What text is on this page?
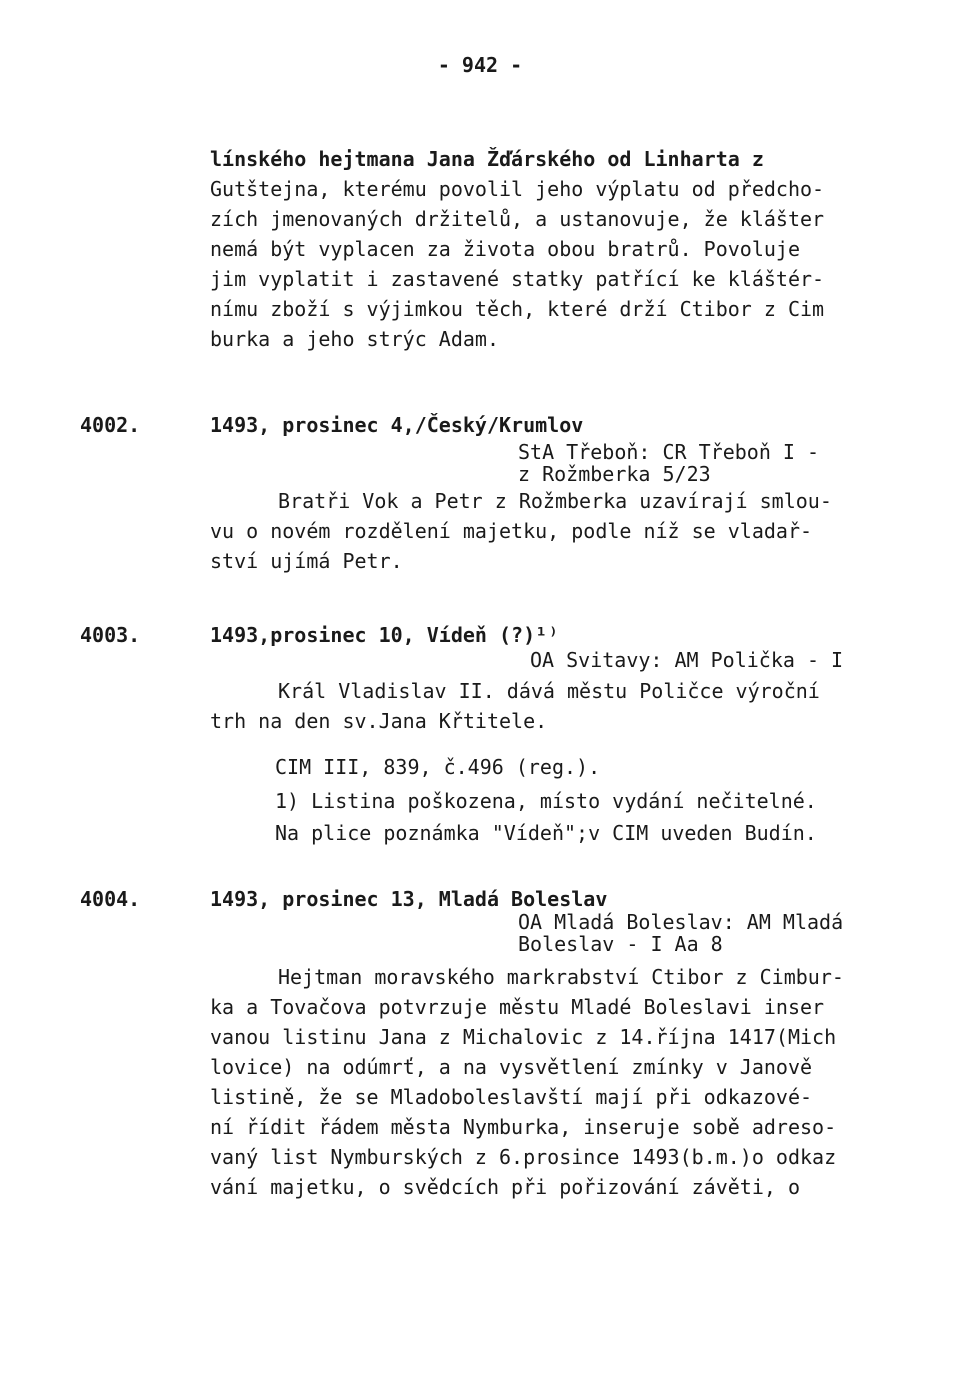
- 942 -
línského hejtmana Jana Žďárského od Linharta z
Gutštejna, kterému povolil jeho výplatu od předcho-
zích jmenovaných držitelů, a ustanovuje, že klášter
nemá být vyplacen za života obou bratrů. Povoluje
jim vyplatit i zastavené statky patřící ke kláštér-
nímu zboží s výjimkou těch, které drží Ctibor z Cim
burka a jeho strýc Adam.
4002.	1493, prosinec 4,/Český/Krumlov
StA Třeboň: CR Třeboň I -
z Rožmberka 5/23
Bratři Vok a Petr z Rožmberka uzavírají smlou-
vu o novém rozdělení majetku, podle níž se vladař-
ství ujímá Petr.
4003.	1493,prosinec 10, Vídeň (?)¹⁾
OA Svitavy: AM Polička - I
Král Vladislav II. dává městu Poličce výroční
trh na den sv.Jana Křtitele.
CIM III, 839, č.496 (reg.).
1) Listina poškozena, místo vydání nečitelné.
Na plice poznámka "Vídeň";v CIM uveden Budín.
4004.	1493, prosinec 13, Mladá Boleslav
OA Mladá Boleslav: AM Mladá
Boleslav - I Aa 8
Hejtman moravského markrabství Ctibor z Cimbur-
ka a Tovačova potvrzuje městu Mladé Boleslavi inser
vanou listinu Jana z Michalovic z 14.října 1417(Mich
lovice) na odúmrť, a na vysvětlení zmínky v Janově
listině, že se Mladoboleslavští mají při odkazové-
ní řídit řádem města Nymburka, inseruje sobě adreso-
vaný list Nymburských z 6.prosince 1493(b.m.)o odkaz
vání majetku, o svědcích při pořizování závěti, o
